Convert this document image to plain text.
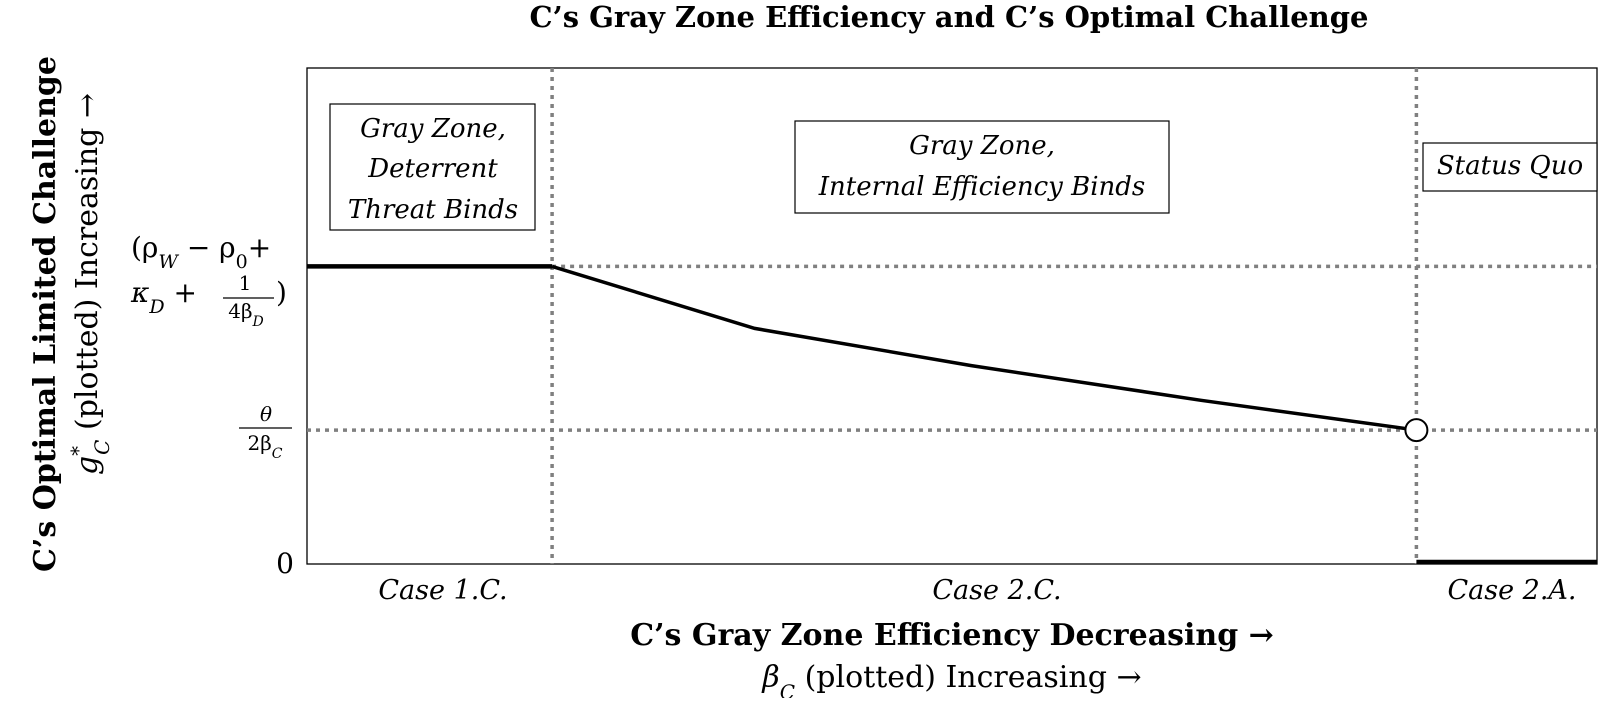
C’s Gray Zone Efficiency and C’s Optimal Challenge
Gray Zone,
Deterrent
Threat Binds
Gray Zone,
Internal Efficiency Binds
Status Quo
Case 1.C.	Case 2.C.	Case 2.A.
C’s Gray Zone Efficiency Decreasing →
$\beta_C$ (plotted) Increasing →
C’s Optimal Limited Challenge $g^*_C$ (plotted) Increasing →
0
($\rho_W - \rho_0+$
$\kappa_D + 1$
$4\beta_D$
)
θ
$2\beta_C$
